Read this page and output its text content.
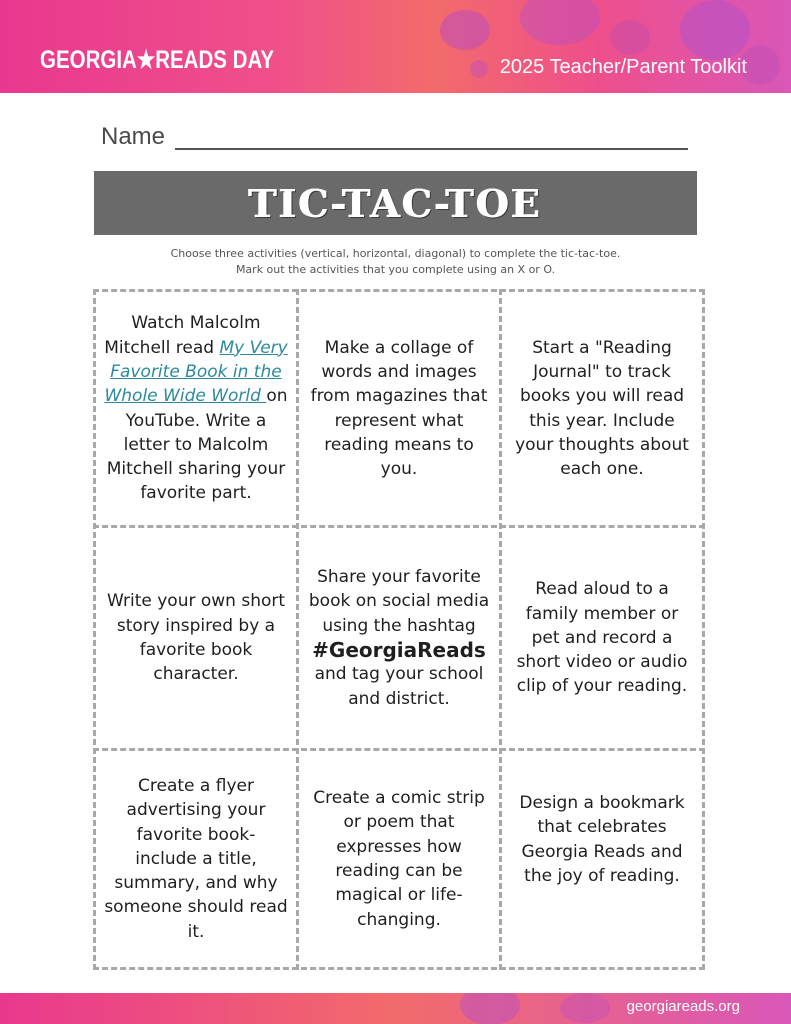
GEORGIA★READS DAY	2025 Teacher/Parent Toolkit
Name
TIC-TAC-TOE
Choose three activities (vertical, horizontal, diagonal) to complete the tic-tac-toe.
Mark out the activities that you complete using an X or O.
Watch Malcolm Mitchell read My Very Favorite Book in the Whole Wide World on YouTube. Write a letter to Malcolm Mitchell sharing your favorite part.
Make a collage of words and images from magazines that represent what reading means to you.
Start a "Reading Journal" to track books you will read this year. Include your thoughts about each one.
Write your own short story inspired by a favorite book character.
Share your favorite book on social media using the hashtag
#GeorgiaReads
and tag your school and district.
Read aloud to a family member or pet and record a short video or audio clip of your reading.
Create a flyer advertising your favorite book- include a title, summary, and why someone should read it.
Create a comic strip or poem that expresses how reading can be magical or life-changing.
Design a bookmark that celebrates Georgia Reads and the joy of reading.
georgiareads.org
